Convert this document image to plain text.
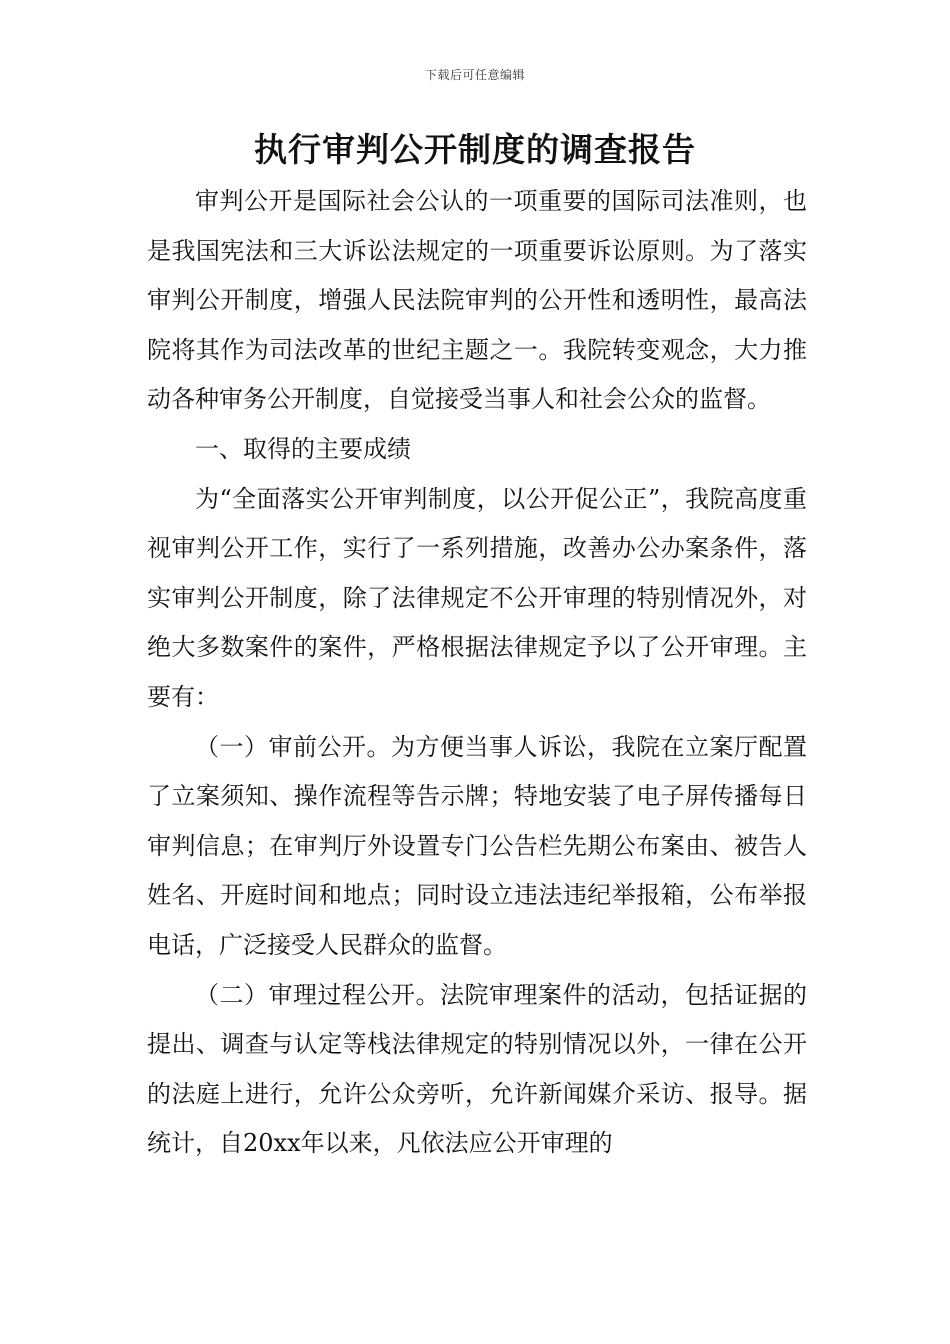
下载后可任意编辑
执行审判公开制度的调查报告

审判公开是国际社会公认的一项重要的国际司法准则，也是我国宪法和三大诉讼法规定的一项重要诉讼原则。为了落实审判公开制度，增强人民法院审判的公开性和透明性，最高法院将其作为司法改革的世纪主题之一。我院转变观念，大力推动各种审务公开制度，自觉接受当事人和社会公众的监督。

一、取得的主要成绩

为“全面落实公开审判制度，以公开促公正”，我院高度重视审判公开工作，实行了一系列措施，改善办公办案条件，落实审判公开制度，除了法律规定不公开审理的特别情况外，对绝大多数案件的案件，严格根据法律规定予以了公开审理。主要有：

（一）审前公开。为方便当事人诉讼，我院在立案厅配置了立案须知、操作流程等告示牌；特地安装了电子屏传播每日审判信息；在审判厅外设置专门公告栏先期公布案由、被告人姓名、开庭时间和地点；同时设立违法违纪举报箱，公布举报电话，广泛接受人民群众的监督。

（二）审理过程公开。法院审理案件的活动，包括证据的提出、调查与认定等栈法律规定的特别情况以外，一律在公开的法庭上进行，允许公众旁听，允许新闻媒介采访、报导。据统计，自20xx年以来，凡依法应公开审理的
